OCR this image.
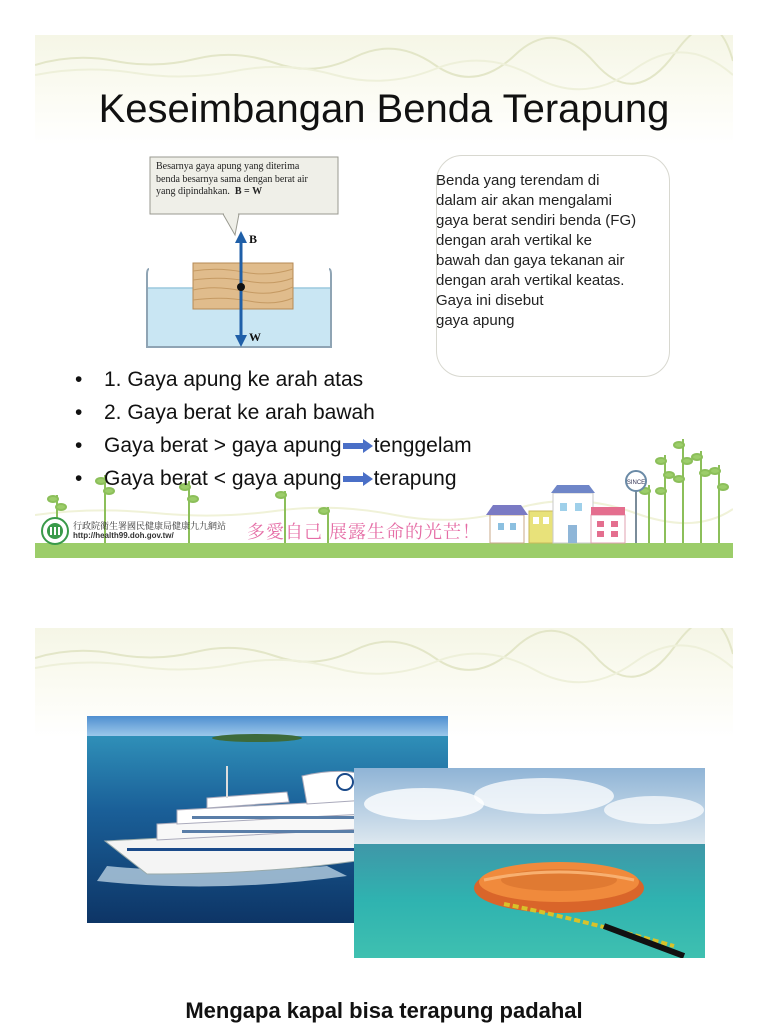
Keseimbangan Benda Terapung
Besarnya gaya apung yang diterima
benda besarnya sama dengan berat air
yang dipindahkan. B = W
B
W
Benda yang terendam di
dalam air akan mengalami
gaya berat sendiri benda (FG)
dengan arah vertikal ke
bawah dan gaya tekanan air
dengan arah vertikal keatas.
Gaya ini disebut
gaya apung
SINCE
•	1. Gaya apung ke arah atas
•	2. Gaya berat ke arah bawah
•	Gaya berat > gaya apung tenggelam
•	Gaya berat < gaya apung terapung
行政院衛生署國民健康局健康九九網站
http://health99.doh.gov.tw/	多愛自己 展露生命的光芒！
Mengapa kapal bisa terapung padahal
